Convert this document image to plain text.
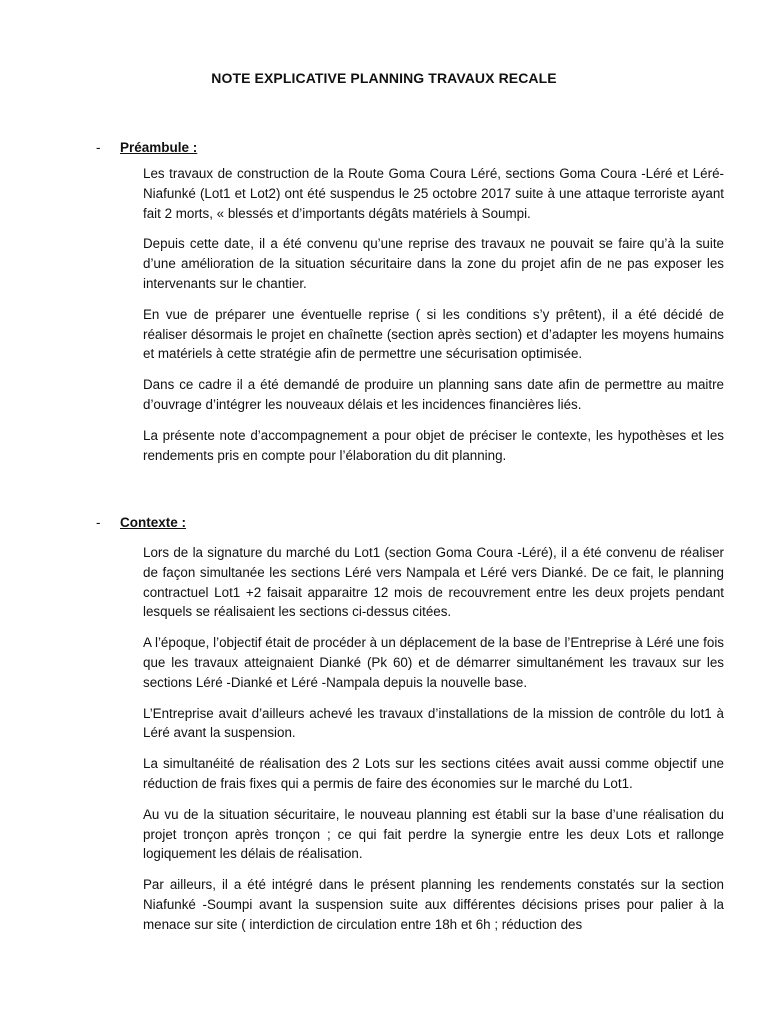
NOTE EXPLICATIVE PLANNING TRAVAUX RECALE
-	Préambule :

Les travaux de construction de la Route Goma Coura Léré, sections Goma Coura -Léré et Léré-Niafunké (Lot1 et Lot2) ont été suspendus le 25 octobre 2017 suite à une attaque terroriste ayant fait 2 morts, « blessés et d’importants dégâts matériels à Soumpi.

Depuis cette date, il a été convenu qu’une reprise des travaux ne pouvait se faire qu’à la suite d’une amélioration de la situation sécuritaire dans la zone du projet afin de ne pas exposer les intervenants sur le chantier.

En vue de préparer une éventuelle reprise ( si les conditions s’y prêtent), il a été décidé de réaliser désormais le projet en chaînette (section après section) et d’adapter les moyens humains et matériels à cette stratégie afin de permettre une sécurisation optimisée.

Dans ce cadre il a été demandé de produire un planning sans date afin de permettre au maitre d’ouvrage d’intégrer les nouveaux délais et les incidences financières liés.

La présente note d’accompagnement a pour objet de préciser le contexte, les hypothèses et les rendements pris en compte pour l’élaboration du dit planning.

-	Contexte :

Lors de la signature du marché du Lot1 (section Goma Coura -Léré), il a été convenu de réaliser de façon simultanée les sections Léré vers Nampala et Léré vers Dianké. De ce fait, le planning contractuel Lot1 +2 faisait apparaitre 12 mois de recouvrement entre les deux projets pendant lesquels se réalisaient les sections ci-dessus citées.

A l’époque, l’objectif était de procéder à un déplacement de la base de l’Entreprise à Léré une fois que les travaux atteignaient Dianké (Pk 60) et de démarrer simultanément les travaux sur les sections Léré -Dianké et Léré -Nampala depuis la nouvelle base.

L’Entreprise avait d’ailleurs achevé les travaux d’installations de la mission de contrôle du lot1 à Léré avant la suspension.

La simultanéité de réalisation des 2 Lots sur les sections citées avait aussi comme objectif une réduction de frais fixes qui a permis de faire des économies sur le marché du Lot1.

Au vu de la situation sécuritaire, le nouveau planning est établi sur la base d’une réalisation du projet tronçon après tronçon ; ce qui fait perdre la synergie entre les deux Lots et rallonge logiquement les délais de réalisation.

Par ailleurs, il a été intégré dans le présent planning les rendements constatés sur la section Niafunké -Soumpi avant la suspension suite aux différentes décisions prises pour palier à la menace sur site ( interdiction de circulation entre 18h et 6h ; réduction des
